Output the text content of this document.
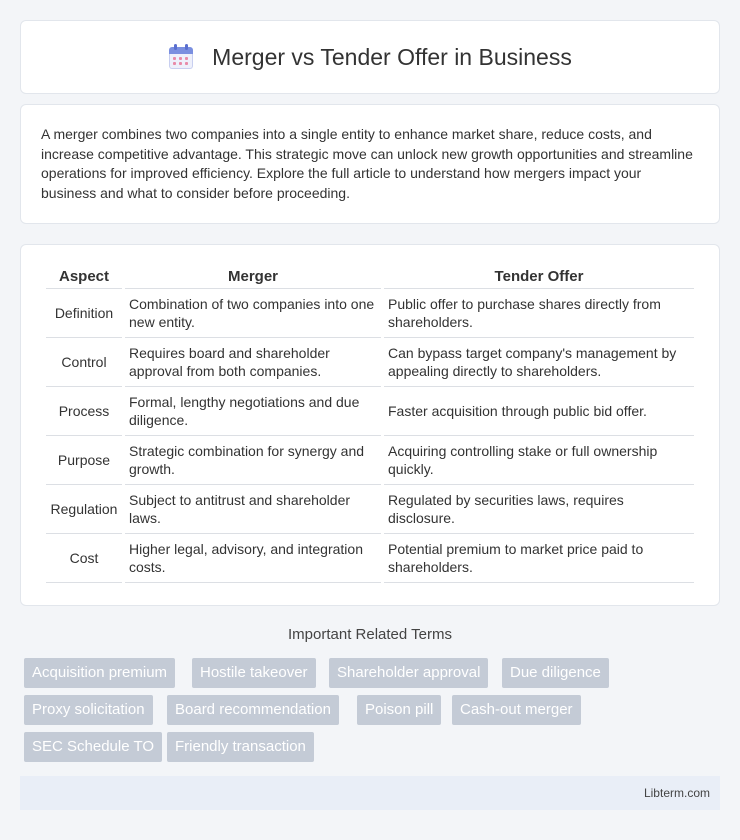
Merger vs Tender Offer in Business
A merger combines two companies into a single entity to enhance market share, reduce costs, and increase competitive advantage. This strategic move can unlock new growth opportunities and streamline operations for improved efficiency. Explore the full article to understand how mergers impact your business and what to consider before proceeding.
Aspect	Merger	Tender Offer
Definition	Combination of two companies into one new entity.	Public offer to purchase shares directly from shareholders.
Control	Requires board and shareholder approval from both companies.	Can bypass target company's management by appealing directly to shareholders.
Process	Formal, lengthy negotiations and due diligence.	Faster acquisition through public bid offer.
Purpose	Strategic combination for synergy and growth.	Acquiring controlling stake or full ownership quickly.
Regulation	Subject to antitrust and shareholder laws.	Regulated by securities laws, requires disclosure.
Cost	Higher legal, advisory, and integration costs.	Potential premium to market price paid to shareholders.
Important Related Terms
Acquisition premium	Hostile takeover	Shareholder approval	Due diligence
Proxy solicitation	Board recommendation	Poison pill	Cash-out merger
SEC Schedule TO	Friendly transaction
Libterm.com
